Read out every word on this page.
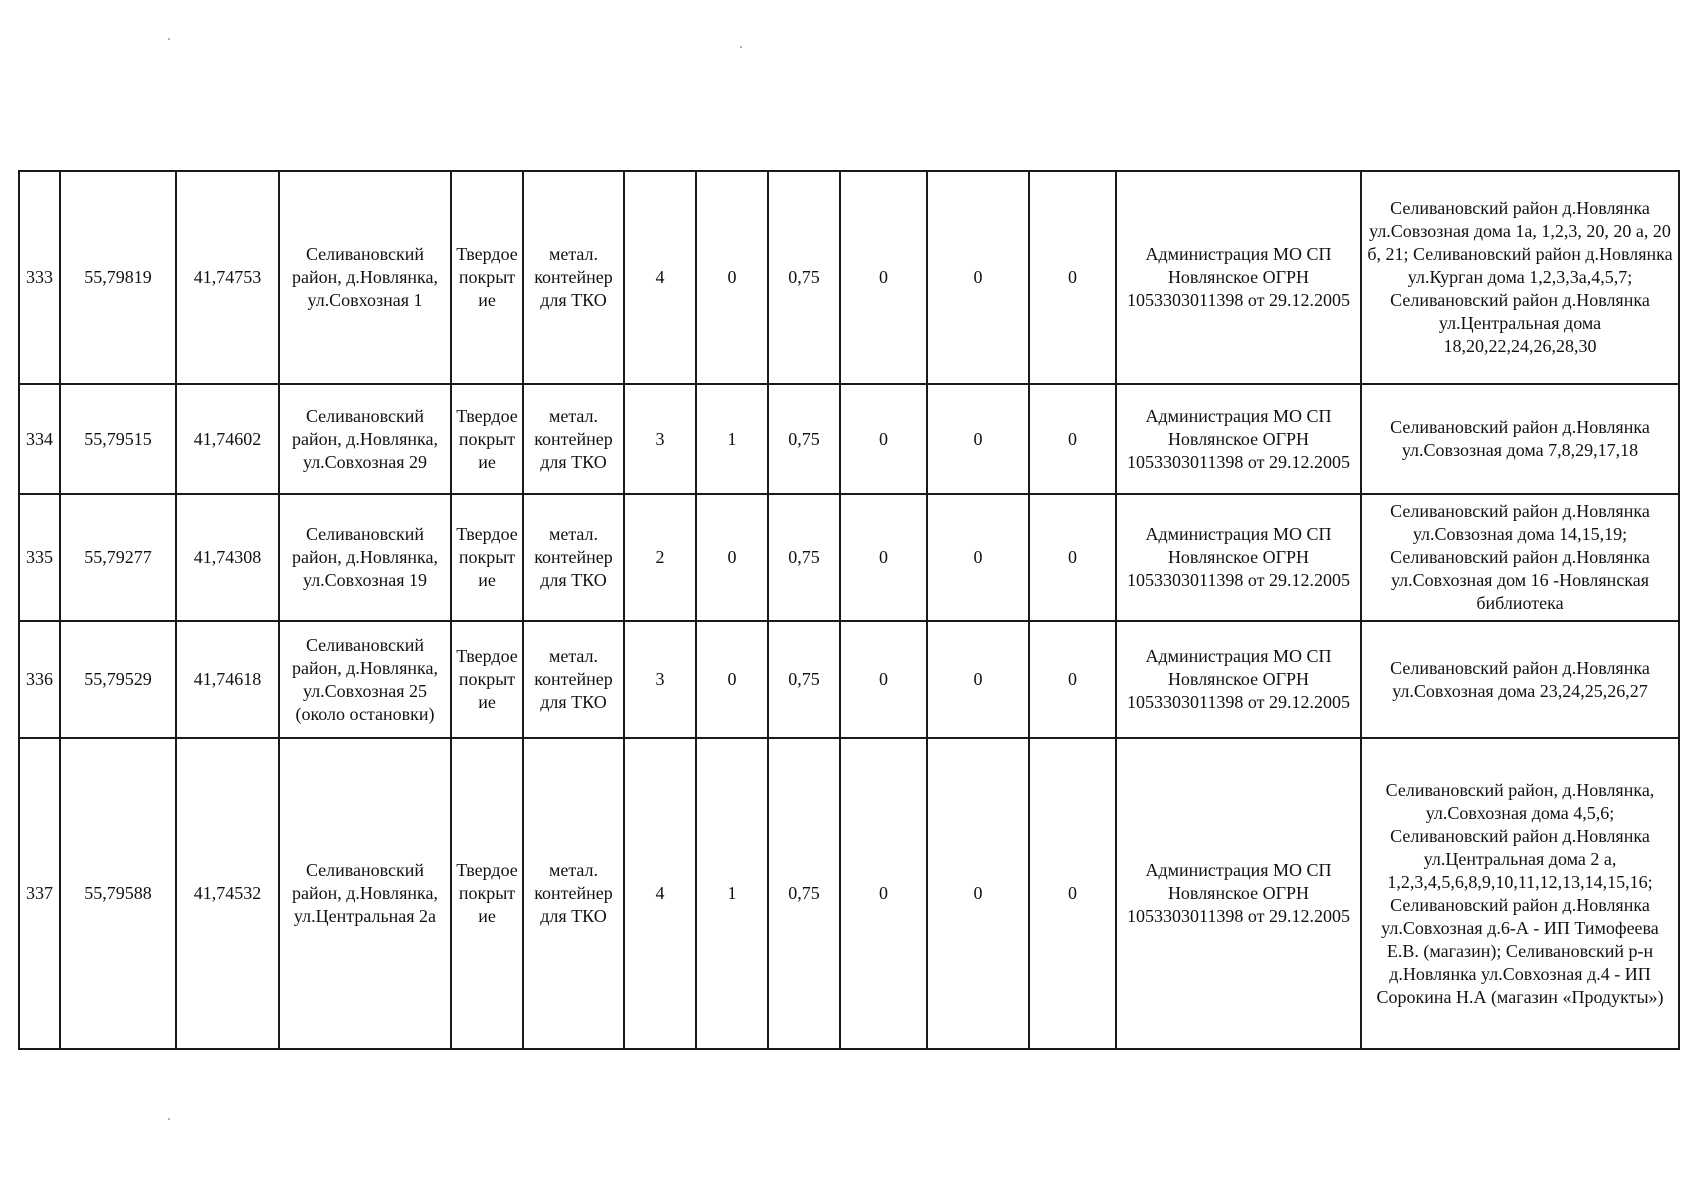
333	55,79819	41,74753	Селивановский район, д.Новлянка, ул.Совхозная 1	Твердое покрытие	метал. контейнер для ТКО	4	0	0,75	0	0	0	Администрация МО СП Новлянское ОГРН 1053303011398 от 29.12.2005	Селивановский район д.Новлянка ул.Совзозная дома 1а, 1,2,3, 20, 20 а, 20 б, 21; Селивановский район д.Новлянка ул.Курган дома 1,2,3,3а,4,5,7; Селивановский район д.Новлянка ул.Центральная дома 18,20,22,24,26,28,30
334	55,79515	41,74602	Селивановский район, д.Новлянка, ул.Совхозная 29	Твердое покрытие	метал. контейнер для ТКО	3	1	0,75	0	0	0	Администрация МО СП Новлянское ОГРН 1053303011398 от 29.12.2005	Селивановский район д.Новлянка ул.Совзозная дома 7,8,29,17,18
335	55,79277	41,74308	Селивановский район, д.Новлянка, ул.Совхозная 19	Твердое покрытие	метал. контейнер для ТКО	2	0	0,75	0	0	0	Администрация МО СП Новлянское ОГРН 1053303011398 от 29.12.2005	Селивановский район д.Новлянка ул.Совзозная дома 14,15,19; Селивановский район д.Новлянка ул.Совхозная дом 16 -Новлянская библиотека
336	55,79529	41,74618	Селивановский район, д.Новлянка, ул.Совхозная 25 (около остановки)	Твердое покрытие	метал. контейнер для ТКО	3	0	0,75	0	0	0	Администрация МО СП Новлянское ОГРН 1053303011398 от 29.12.2005	Селивановский район д.Новлянка ул.Совхозная дома 23,24,25,26,27
337	55,79588	41,74532	Селивановский район, д.Новлянка, ул.Центральная 2а	Твердое покрытие	метал. контейнер для ТКО	4	1	0,75	0	0	0	Администрация МО СП Новлянское ОГРН 1053303011398 от 29.12.2005	Селивановский район, д.Новлянка, ул.Совхозная дома 4,5,6; Селивановский район д.Новлянка ул.Центральная дома 2 а, 1,2,3,4,5,6,8,9,10,11,12,13,14,15,16; Селивановский район д.Новлянка ул.Совхозная д.6-А - ИП Тимофеева Е.В. (магазин); Селивановский р-н д.Новлянка ул.Совхозная д.4 - ИП Сорокина Н.А (магазин «Продукты»)
